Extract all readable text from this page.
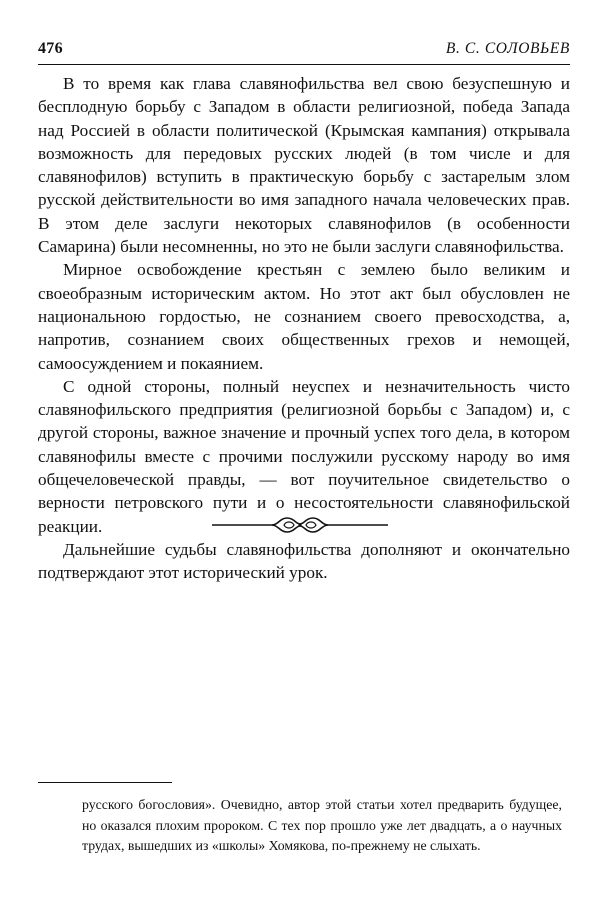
476	В. С. СОЛОВЬЕВ

В то время как глава славянофильства вел свою безуспешную и бесплодную борьбу с Западом в области религиозной, победа Запада над Россией в области политической (Крымская кампания) открывала возможность для передовых русских людей (в том числе и для славянофилов) вступить в практическую борьбу с застарелым злом русской действительности во имя западного начала человеческих прав. В этом деле заслуги некоторых славянофилов (в особенности Самарина) были несомненны, но это не были заслуги славянофильства.

Мирное освобождение крестьян с землею было великим и своеобразным историческим актом. Но этот акт был обусловлен не национальною гордостью, не сознанием своего превосходства, а, напротив, сознанием своих общественных грехов и немощей, самоосуждением и покаянием.

С одной стороны, полный неуспех и незначительность чисто славянофильского предприятия (религиозной борьбы с Западом) и, с другой стороны, важное значение и прочный успех того дела, в котором славянофилы вместе с прочими послужили русскому народу во имя общечеловеческой правды, — вот поучительное свидетельство о верности петровского пути и о несостоятельности славянофильской реакции.

Дальнейшие судьбы славянофильства дополняют и окончательно подтверждают этот исторический урок.

русского богословия». Очевидно, автор этой статьи хотел предварить будущее, но оказался плохим пророком. С тех пор прошло уже лет двадцать, а о научных трудах, вышедших из «школы» Хомякова, по-прежнему не слыхать.
